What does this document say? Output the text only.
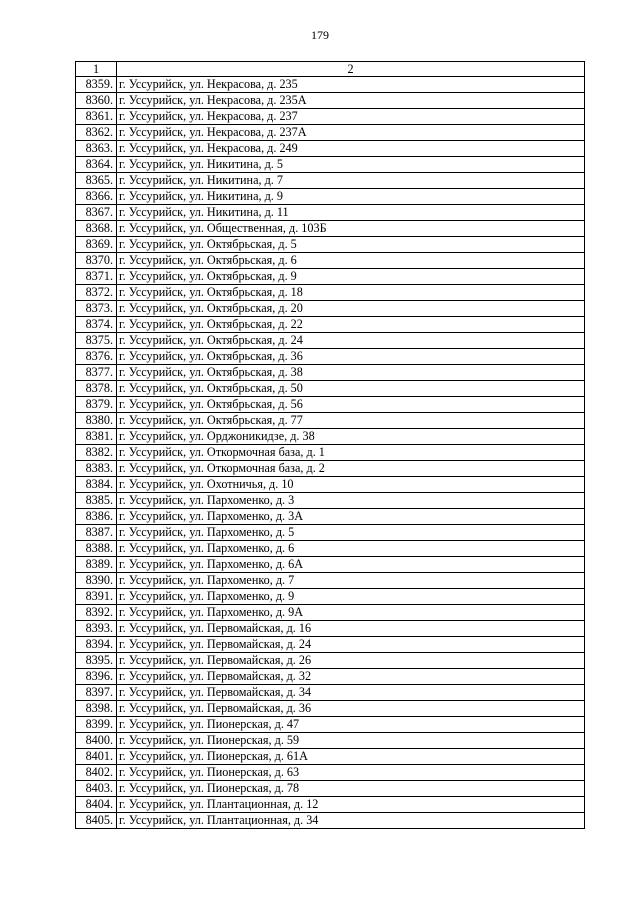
179
1	2
8359.	г. Уссурийск, ул. Некрасова, д. 235
8360.	г. Уссурийск, ул. Некрасова, д. 235А
8361.	г. Уссурийск, ул. Некрасова, д. 237
8362.	г. Уссурийск, ул. Некрасова, д. 237А
8363.	г. Уссурийск, ул. Некрасова, д. 249
8364.	г. Уссурийск, ул. Никитина, д. 5
8365.	г. Уссурийск, ул. Никитина, д. 7
8366.	г. Уссурийск, ул. Никитина, д. 9
8367.	г. Уссурийск, ул. Никитина, д. 11
8368.	г. Уссурийск, ул. Общественная, д. 103Б
8369.	г. Уссурийск, ул. Октябрьская, д. 5
8370.	г. Уссурийск, ул. Октябрьская, д. 6
8371.	г. Уссурийск, ул. Октябрьская, д. 9
8372.	г. Уссурийск, ул. Октябрьская, д. 18
8373.	г. Уссурийск, ул. Октябрьская, д. 20
8374.	г. Уссурийск, ул. Октябрьская, д. 22
8375.	г. Уссурийск, ул. Октябрьская, д. 24
8376.	г. Уссурийск, ул. Октябрьская, д. 36
8377.	г. Уссурийск, ул. Октябрьская, д. 38
8378.	г. Уссурийск, ул. Октябрьская, д. 50
8379.	г. Уссурийск, ул. Октябрьская, д. 56
8380.	г. Уссурийск, ул. Октябрьская, д. 77
8381.	г. Уссурийск, ул. Орджоникидзе, д. 38
8382.	г. Уссурийск, ул. Откормочная база, д. 1
8383.	г. Уссурийск, ул. Откормочная база, д. 2
8384.	г. Уссурийск, ул. Охотничья, д. 10
8385.	г. Уссурийск, ул. Пархоменко, д. 3
8386.	г. Уссурийск, ул. Пархоменко, д. 3А
8387.	г. Уссурийск, ул. Пархоменко, д. 5
8388.	г. Уссурийск, ул. Пархоменко, д. 6
8389.	г. Уссурийск, ул. Пархоменко, д. 6А
8390.	г. Уссурийск, ул. Пархоменко, д. 7
8391.	г. Уссурийск, ул. Пархоменко, д. 9
8392.	г. Уссурийск, ул. Пархоменко, д. 9А
8393.	г. Уссурийск, ул. Первомайская, д. 16
8394.	г. Уссурийск, ул. Первомайская, д. 24
8395.	г. Уссурийск, ул. Первомайская, д. 26
8396.	г. Уссурийск, ул. Первомайская, д. 32
8397.	г. Уссурийск, ул. Первомайская, д. 34
8398.	г. Уссурийск, ул. Первомайская, д. 36
8399.	г. Уссурийск, ул. Пионерская, д. 47
8400.	г. Уссурийск, ул. Пионерская, д. 59
8401.	г. Уссурийск, ул. Пионерская, д. 61А
8402.	г. Уссурийск, ул. Пионерская, д. 63
8403.	г. Уссурийск, ул. Пионерская, д. 78
8404.	г. Уссурийск, ул. Плантационная, д. 12
8405.	г. Уссурийск, ул. Плантационная, д. 34
